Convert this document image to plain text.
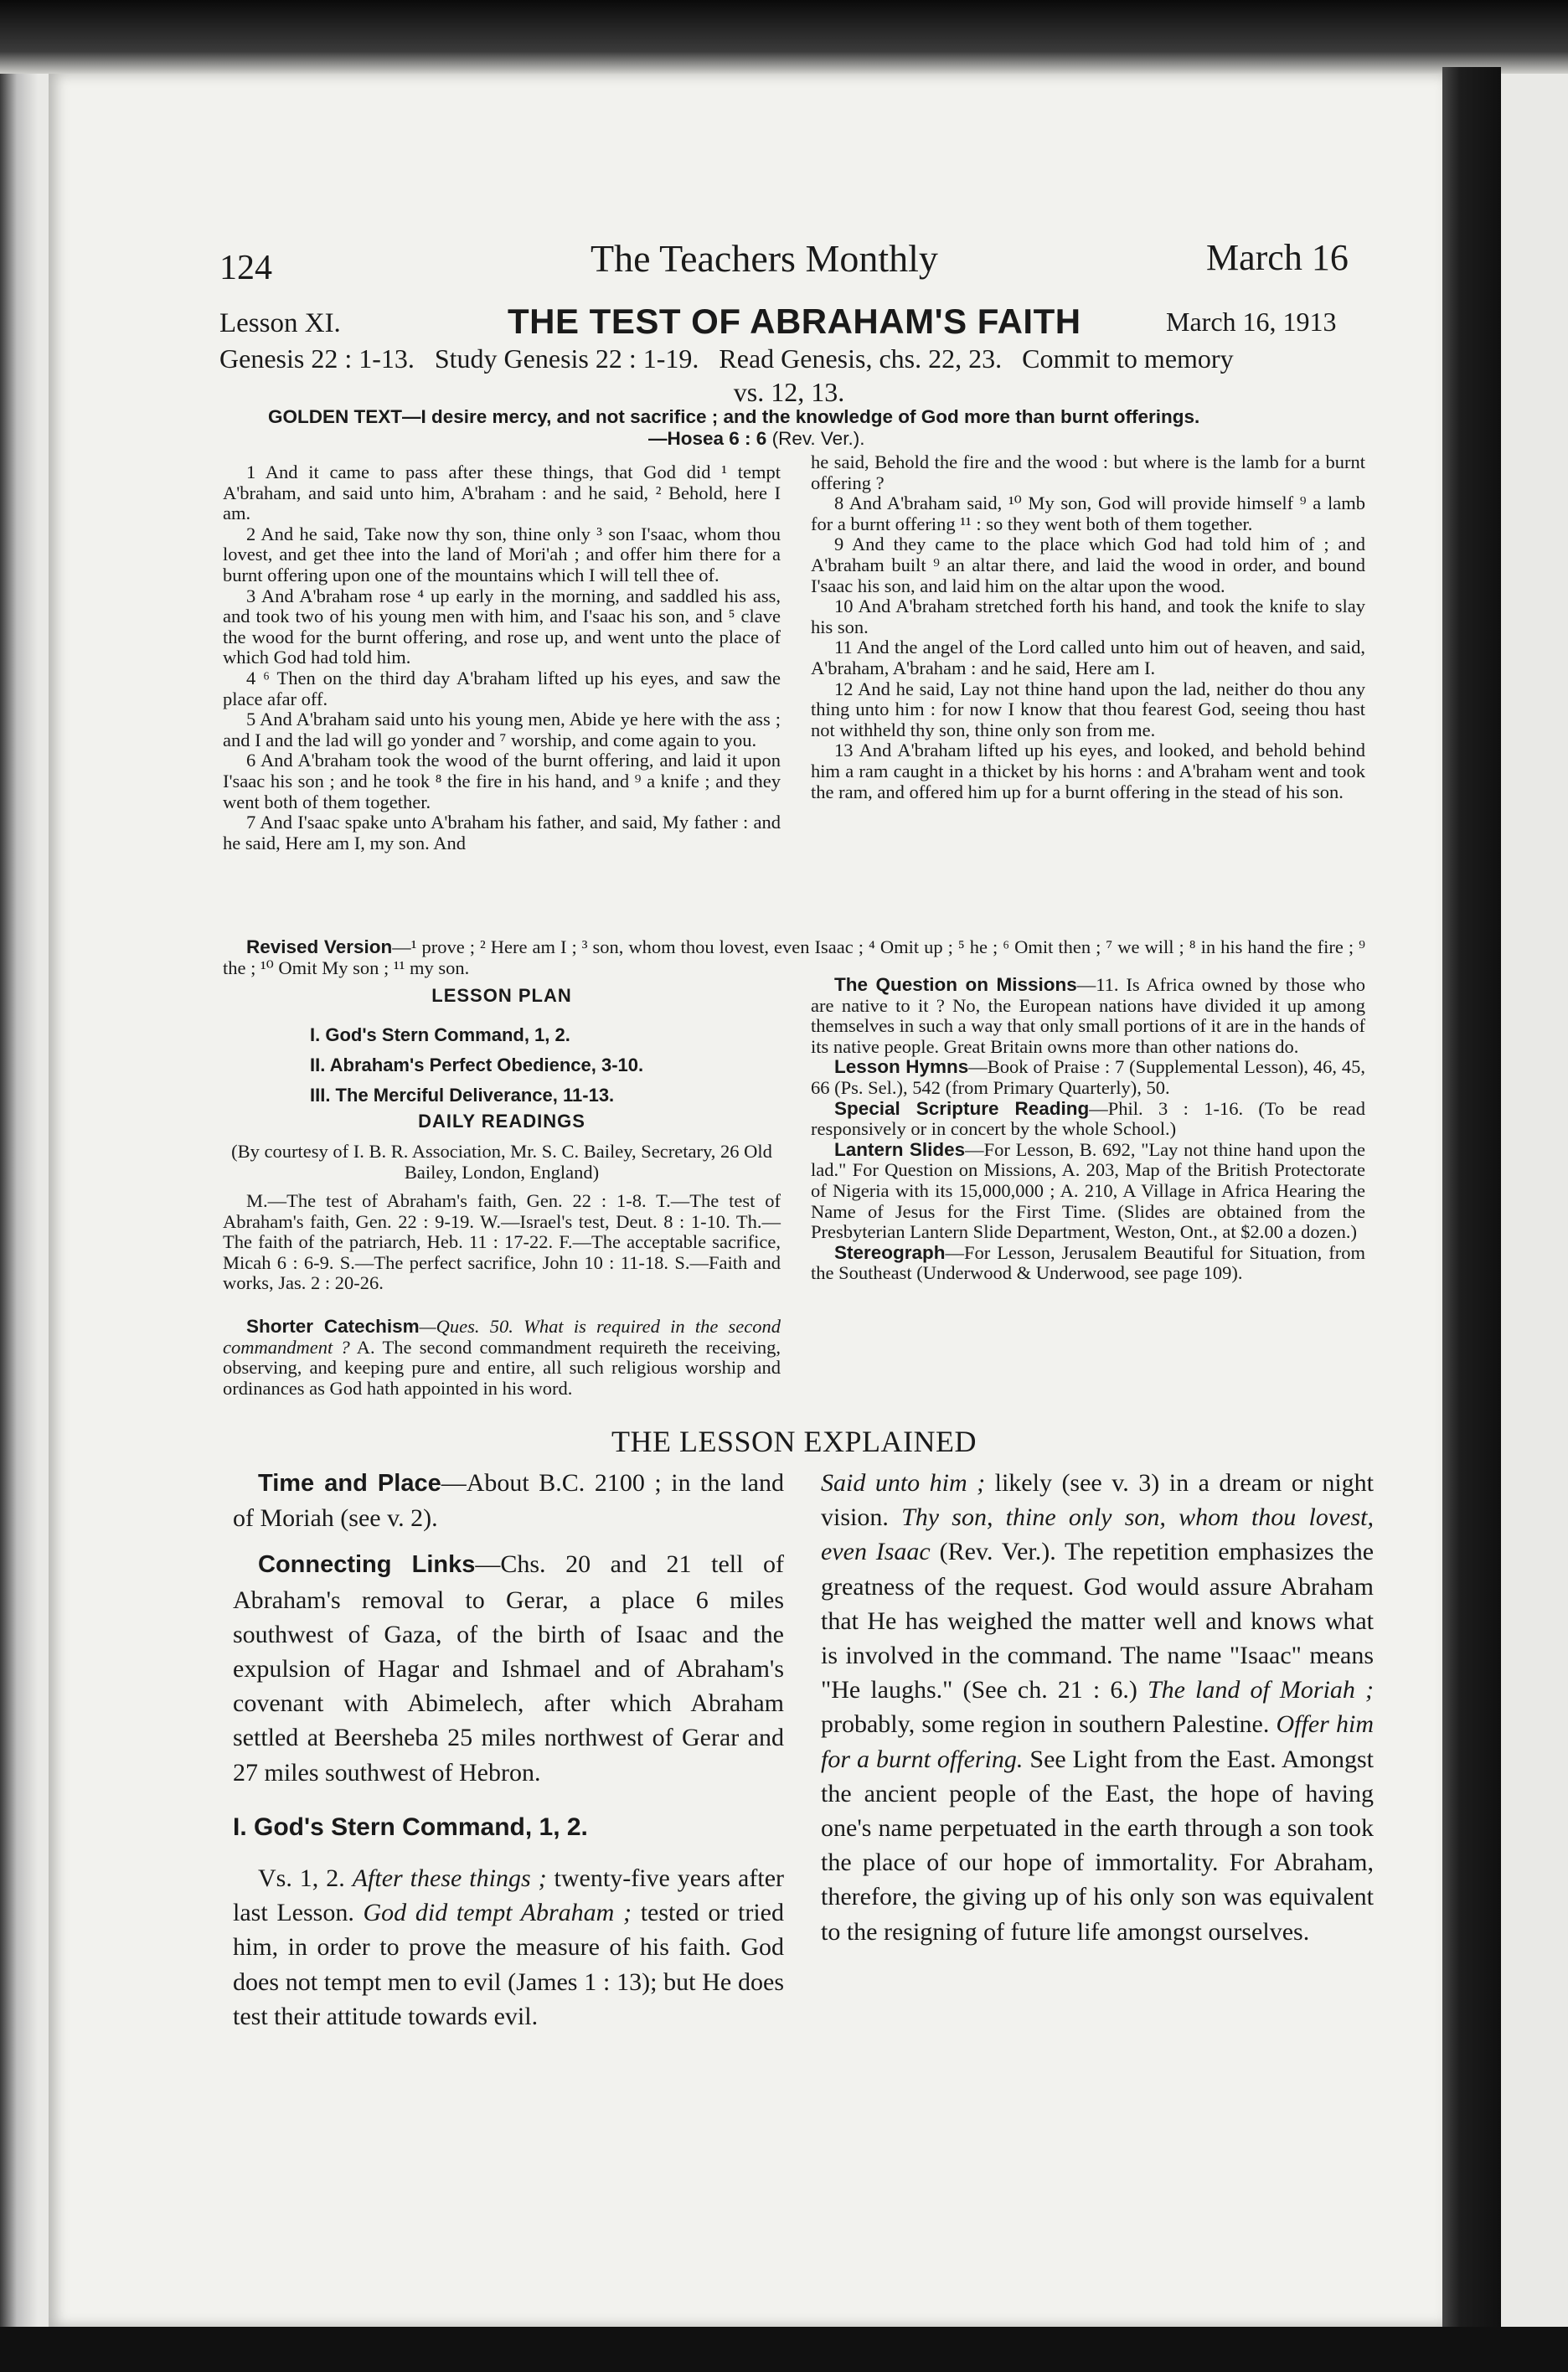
124	The Teachers Monthly	March 16
Lesson XI.	THE TEST OF ABRAHAM'S FAITH	March 16, 1913
Genesis 22 : 1-13.   Study Genesis 22 : 1-19.   Read Genesis, chs. 22, 23.   Commit to memory
vs. 12, 13.
GOLDEN TEXT—I desire mercy, and not sacrifice ; and the knowledge of God more than burnt offerings.
—Hosea 6 : 6 (Rev. Ver.).

1 And it came to pass after these things, that God did ¹ tempt A'braham, and said unto him, A'braham : and he said, ² Behold, here I am.

2 And he said, Take now thy son, thine only ³ son I'saac, whom thou lovest, and get thee into the land of Mori'ah ; and offer him there for a burnt offering upon one of the mountains which I will tell thee of.

3 And A'braham rose ⁴ up early in the morning, and saddled his ass, and took two of his young men with him, and I'saac his son, and ⁵ clave the wood for the burnt offering, and rose up, and went unto the place of which God had told him.

4 ⁶ Then on the third day A'braham lifted up his eyes, and saw the place afar off.

5 And A'braham said unto his young men, Abide ye here with the ass ; and I and the lad will go yonder and ⁷ worship, and come again to you.

6 And A'braham took the wood of the burnt offering, and laid it upon I'saac his son ; and he took ⁸ the fire in his hand, and ⁹ a knife ; and they went both of them together.

7 And I'saac spake unto A'braham his father, and said, My father : and he said, Here am I, my son. And

he said, Behold the fire and the wood : but where is the lamb for a burnt offering ?

8 And A'braham said, ¹⁰ My son, God will provide himself ⁹ a lamb for a burnt offering ¹¹ : so they went both of them together.

9 And they came to the place which God had told him of ; and A'braham built ⁹ an altar there, and laid the wood in order, and bound I'saac his son, and laid him on the altar upon the wood.

10 And A'braham stretched forth his hand, and took the knife to slay his son.

11 And the angel of the Lord called unto him out of heaven, and said, A'braham, A'braham : and he said, Here am I.

12 And he said, Lay not thine hand upon the lad, neither do thou any thing unto him : for now I know that thou fearest God, seeing thou hast not withheld thy son, thine only son from me.

13 And A'braham lifted up his eyes, and looked, and behold behind him a ram caught in a thicket by his horns : and A'braham went and took the ram, and offered him up for a burnt offering in the stead of his son.

Revised Version—¹ prove ; ² Here am I ; ³ son, whom thou lovest, even Isaac ; ⁴ Omit up ; ⁵ he ; ⁶ Omit then ; ⁷ we will ; ⁸ in his hand the fire ; ⁹ the ; ¹⁰ Omit My son ; ¹¹ my son.
LESSON PLAN
I. God's Stern Command, 1, 2.
II. Abraham's Perfect Obedience, 3-10.
III. The Merciful Deliverance, 11-13.
DAILY READINGS
(By courtesy of I. B. R. Association, Mr. S. C. Bailey, Secretary, 26 Old Bailey, London, England)

M.—The test of Abraham's faith, Gen. 22 : 1-8. T.—The test of Abraham's faith, Gen. 22 : 9-19. W.—Israel's test, Deut. 8 : 1-10. Th.—The faith of the patriarch, Heb. 11 : 17-22. F.—The acceptable sacrifice, Micah 6 : 6-9. S.—The perfect sacrifice, John 10 : 11-18. S.—Faith and works, Jas. 2 : 20-26.

Shorter Catechism—Ques. 50. What is required in the second commandment ? A. The second commandment requireth the receiving, observing, and keeping pure and entire, all such religious worship and ordinances as God hath appointed in his word.

The Question on Missions—11. Is Africa owned by those who are native to it ? No, the European nations have divided it up among themselves in such a way that only small portions of it are in the hands of its native people. Great Britain owns more than other nations do.

Lesson Hymns—Book of Praise : 7 (Supplemental Lesson), 46, 45, 66 (Ps. Sel.), 542 (from Primary Quarterly), 50.

Special Scripture Reading—Phil. 3 : 1-16. (To be read responsively or in concert by the whole School.)

Lantern Slides—For Lesson, B. 692, "Lay not thine hand upon the lad." For Question on Missions, A. 203, Map of the British Protectorate of Nigeria with its 15,000,000 ; A. 210, A Village in Africa Hearing the Name of Jesus for the First Time. (Slides are obtained from the Presbyterian Lantern Slide Department, Weston, Ont., at $2.00 a dozen.)

Stereograph—For Lesson, Jerusalem Beautiful for Situation, from the Southeast (Underwood & Underwood, see page 109).

THE LESSON EXPLAINED

Time and Place—About B.C. 2100 ; in the land of Moriah (see v. 2).

Connecting Links—Chs. 20 and 21 tell of Abraham's removal to Gerar, a place 6 miles southwest of Gaza, of the birth of Isaac and the expulsion of Hagar and Ishmael and of Abraham's covenant with Abimelech, after which Abraham settled at Beersheba 25 miles northwest of Gerar and 27 miles southwest of Hebron.

I. God's Stern Command, 1, 2.

Vs. 1, 2. After these things ; twenty-five years after last Lesson. God did tempt Abraham ; tested or tried him, in order to prove the measure of his faith. God does not tempt men to evil (James 1 : 13); but He does test their attitude towards evil.

Said unto him ; likely (see v. 3) in a dream or night vision. Thy son, thine only son, whom thou lovest, even Isaac (Rev. Ver.). The repetition emphasizes the greatness of the request. God would assure Abraham that He has weighed the matter well and knows what is involved in the command. The name "Isaac" means "He laughs." (See ch. 21 : 6.) The land of Moriah ; probably, some region in southern Palestine. Offer him for a burnt offering. See Light from the East. Amongst the ancient people of the East, the hope of having one's name perpetuated in the earth through a son took the place of our hope of immortality. For Abraham, therefore, the giving up of his only son was equivalent to the resigning of future life amongst ourselves.
